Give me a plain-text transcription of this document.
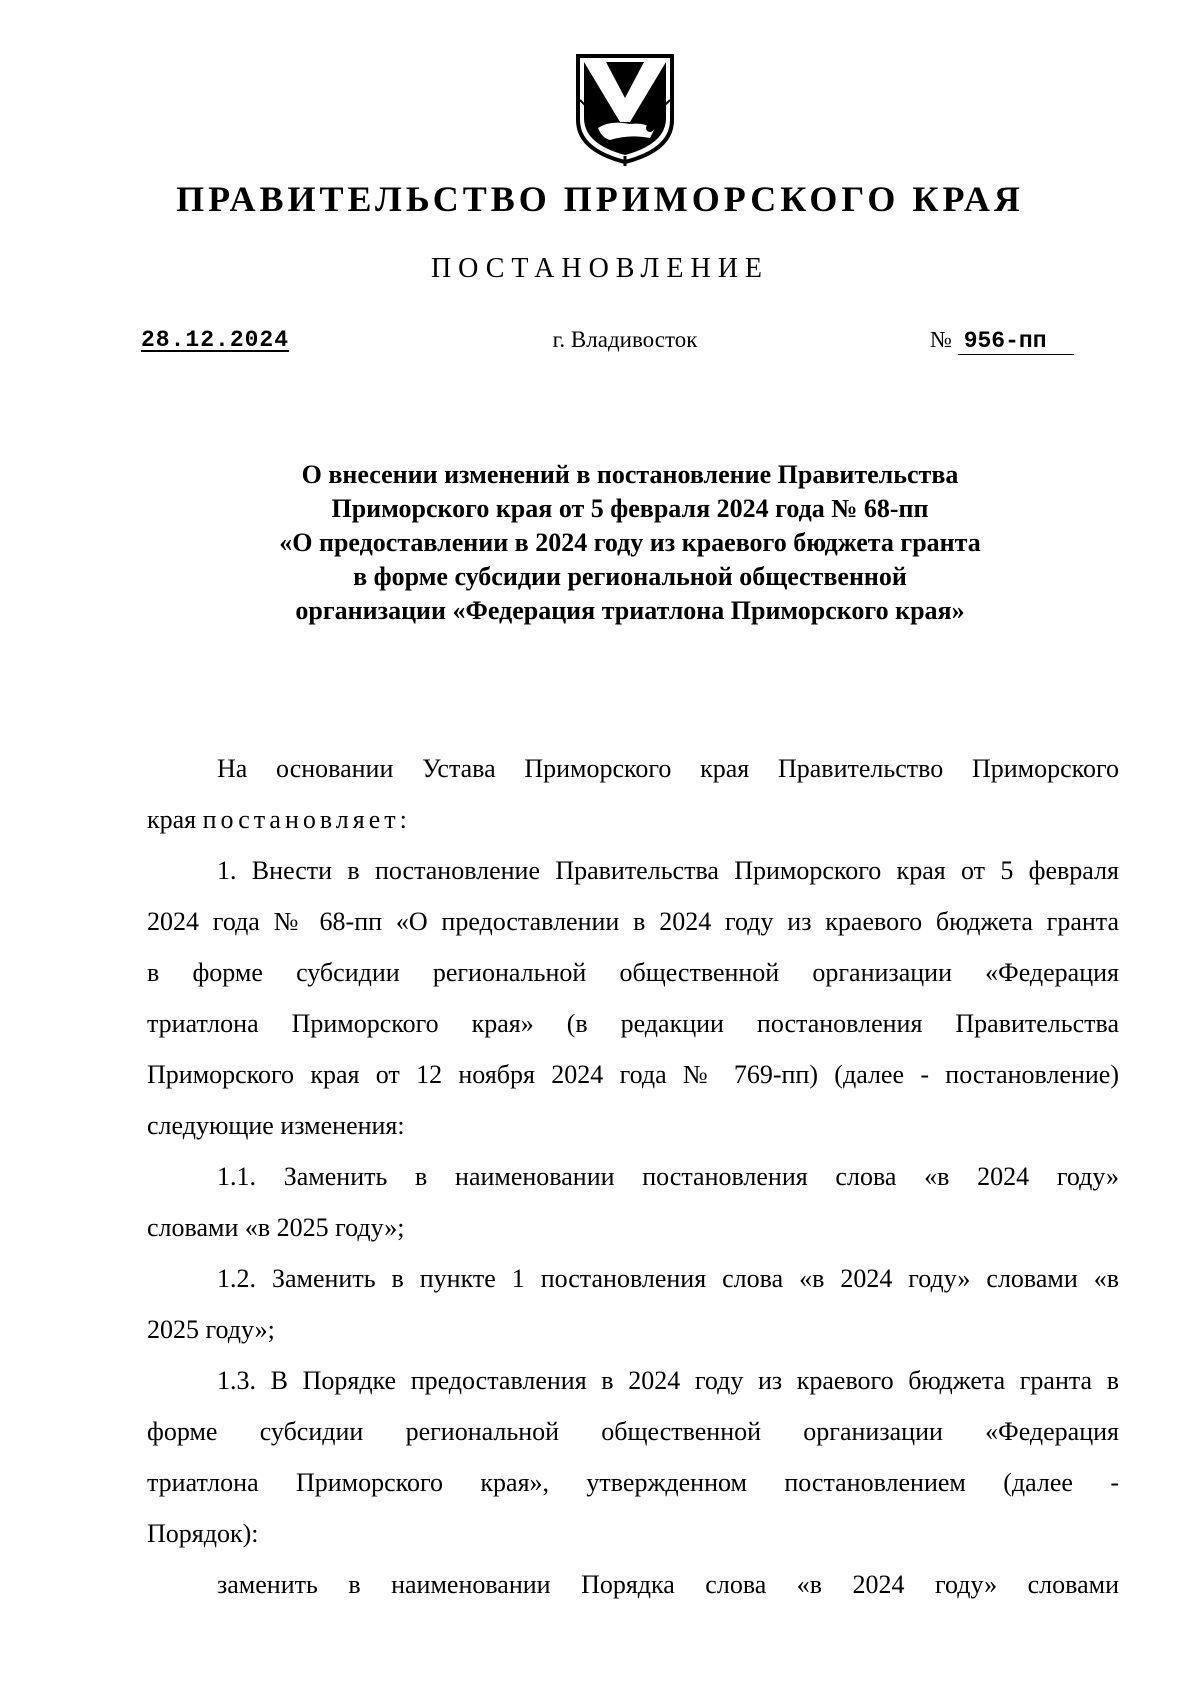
ПРАВИТЕЛЬСТВО ПРИМОРСКОГО КРАЯ
ПОСТАНОВЛЕНИЕ
28.12.2024	г. Владивосток	№ 956-пп
О внесении изменений в постановление Правительства
Приморского края от 5 февраля 2024 года № 68-пп
«О предоставлении в 2024 году из краевого бюджета гранта
в форме субсидии региональной общественной
организации «Федерация триатлона Приморского края»
На основании Устава Приморского края Правительство Приморского
края постановляет:
1. Внести в постановление Правительства Приморского края от 5 февраля
2024 года № 68-пп «О предоставлении в 2024 году из краевого бюджета гранта
в форме субсидии региональной общественной организации «Федерация
триатлона Приморского края» (в редакции постановления Правительства
Приморского края от 12 ноября 2024 года № 769-пп) (далее - постановление)
следующие изменения:
1.1. Заменить в наименовании постановления слова «в 2024 году»
словами «в 2025 году»;
1.2. Заменить в пункте 1 постановления слова «в 2024 году» словами «в
2025 году»;
1.3. В Порядке предоставления в 2024 году из краевого бюджета гранта в
форме субсидии региональной общественной организации «Федерация
триатлона Приморского края», утвержденном постановлением (далее -
Порядок):
заменить в наименовании Порядка слова «в 2024 году» словами
